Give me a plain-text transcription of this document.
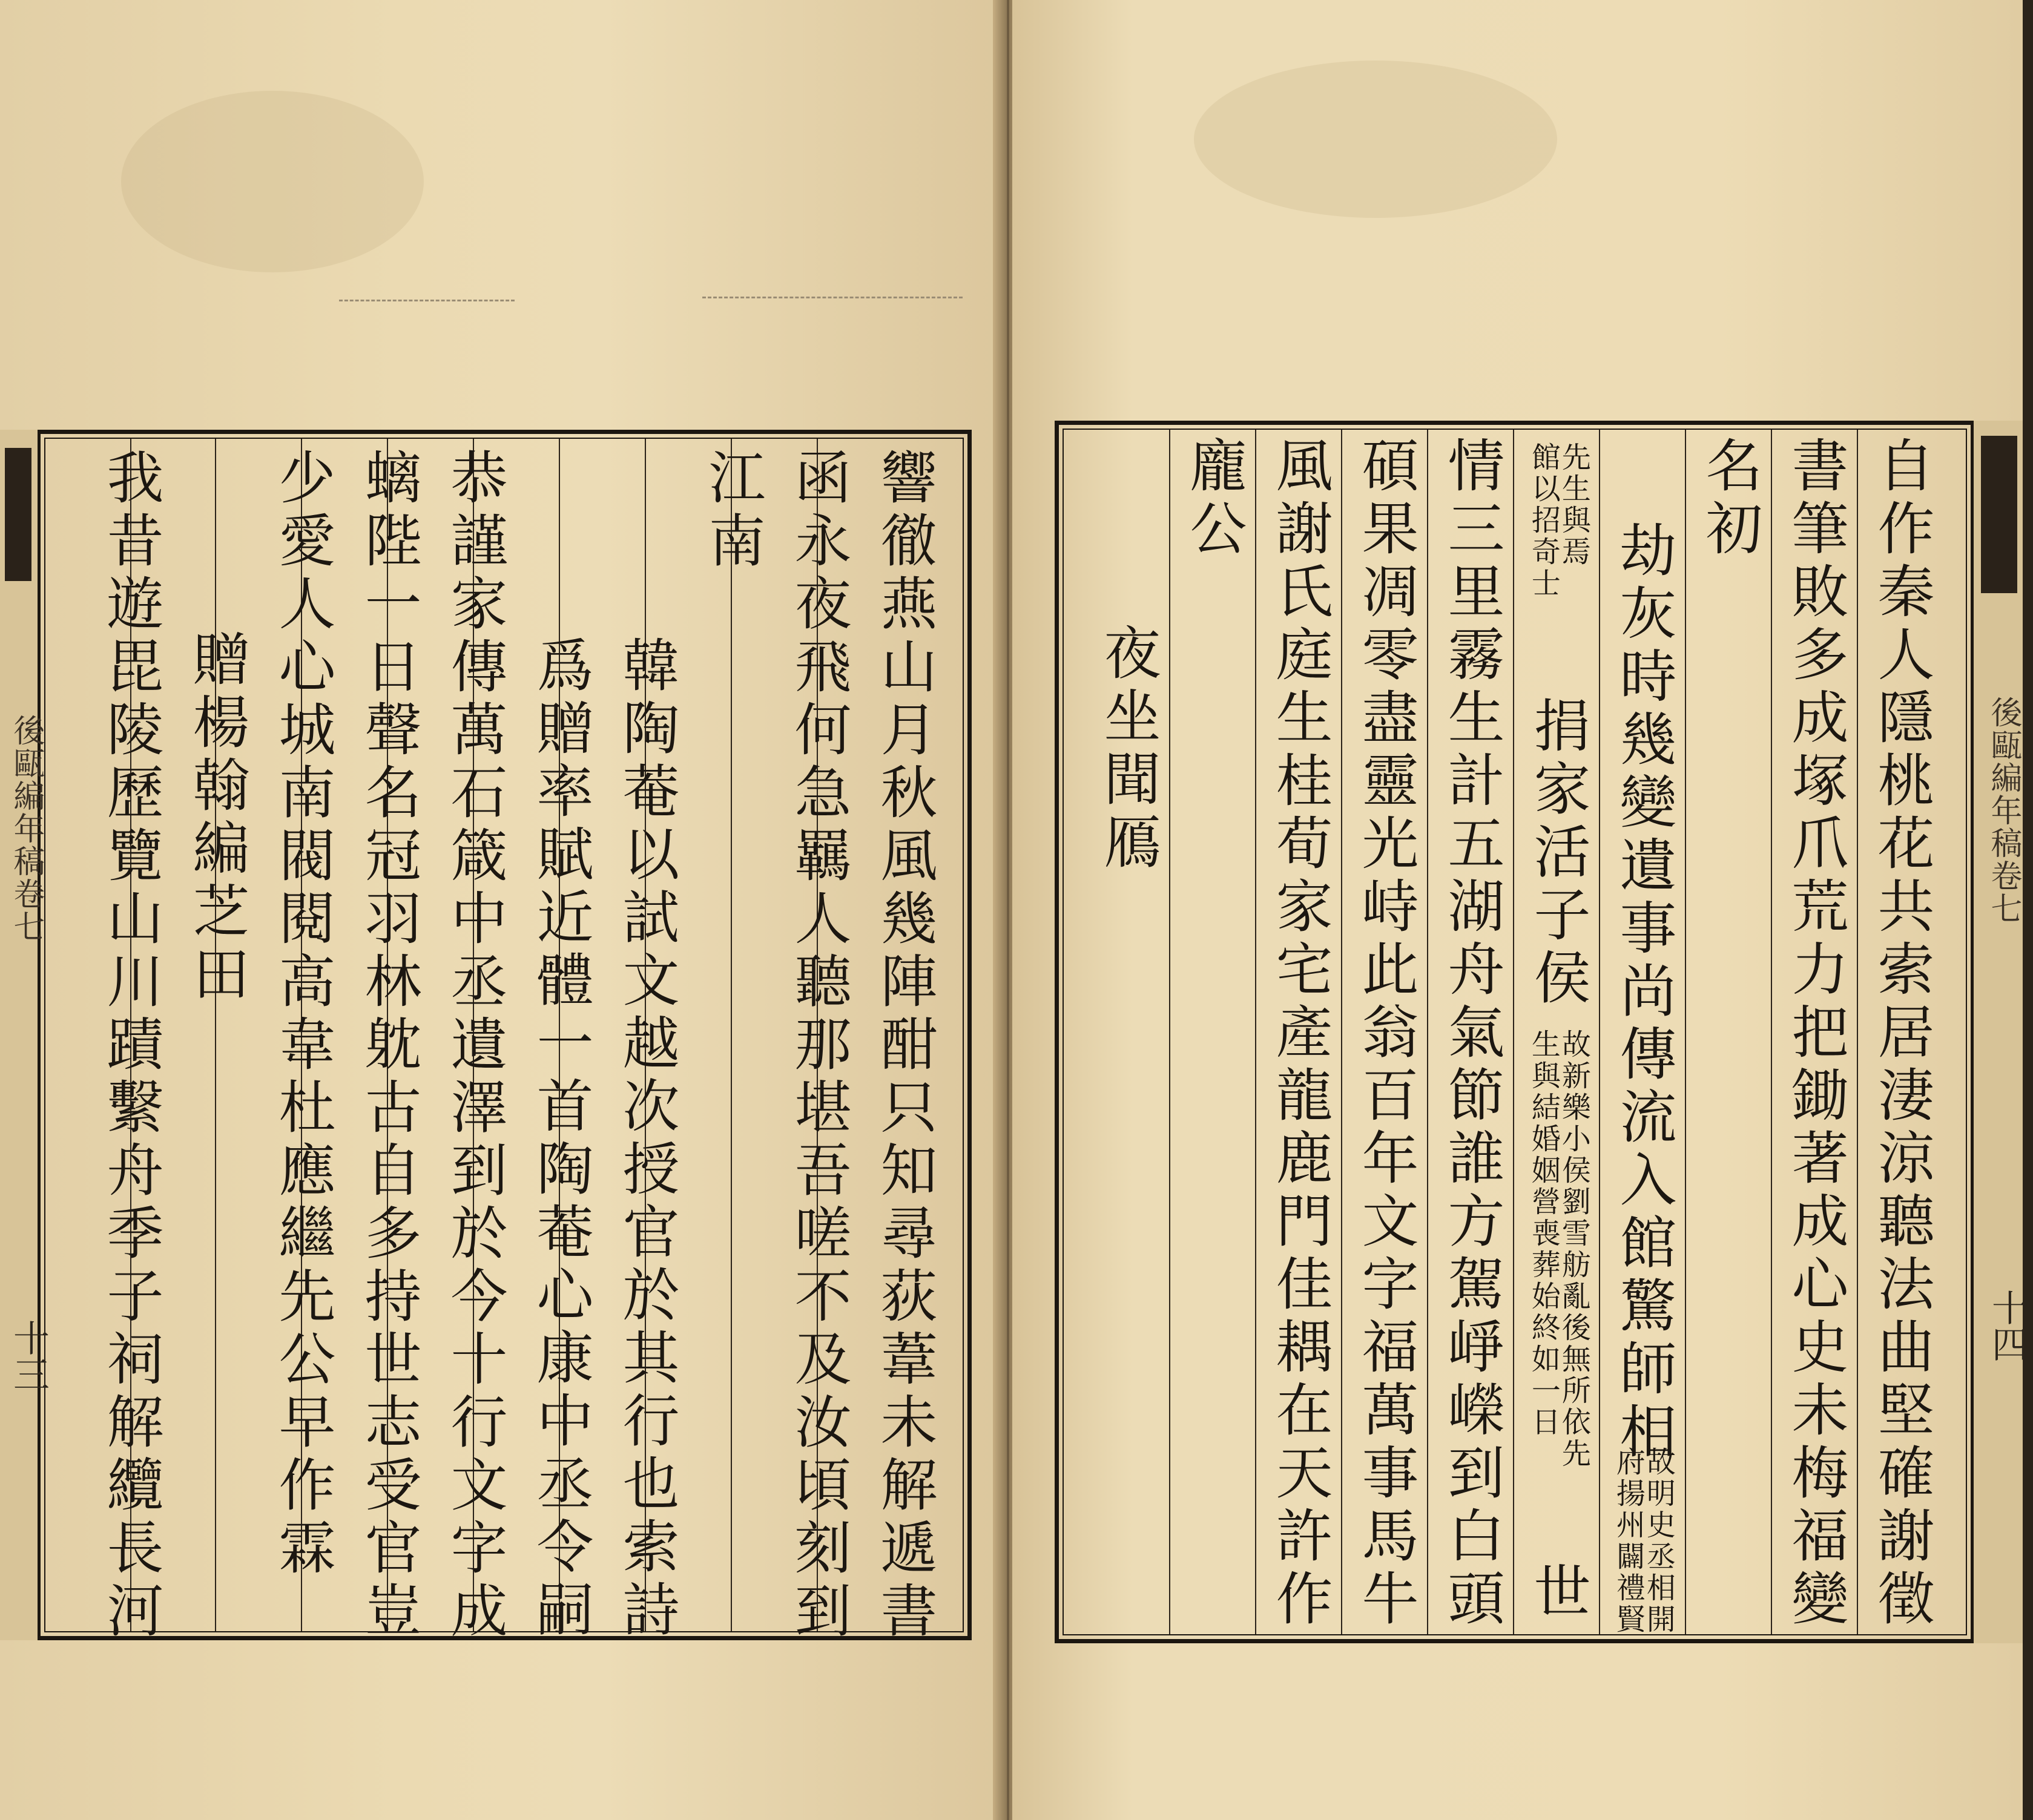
後甌編年稿卷七
十三	響徹燕山月秋風幾陣酣只知尋荻葦未解遞書
函永夜飛何急羈人聽那堪吾嗟不及汝頃刻到
江南
韓陶菴以試文越次授官於其行也索詩
爲贈率賦近體一首陶菴心康中丞令嗣
恭謹家傳萬石箴中丞遺澤到於今十行文字成
螭陛一日聲名冠羽林躭古自多持世志受官豈
少愛人心城南閥閱高韋杜應繼先公早作霖
贈楊翰編芝田
我昔遊毘陵歷覽山川蹟繫舟季子祠解纜長河	後甌編年稿卷七
十四
自作秦人隱桃花共索居淒涼聽法曲堅確謝徵
書筆敗多成塚爪荒力把鋤著成心史未梅福變
名初
劫灰時幾變遺事尚傳流入館驚師相
故明史丞相開
府揚州闢禮賢
先生與焉
館以招奇士
捐家活子侯
故新樂小侯劉雪舫亂後無所依先
生與結婚姻營喪葬始終如一日
世
情三里霧生計五湖舟氣節誰方駕崢嶸到白頭
碩果凋零盡靈光峙此翁百年文字福萬事馬牛
風謝氏庭生桂荀家宅產龍鹿門佳耦在天許作
龐公
夜坐聞鴈
